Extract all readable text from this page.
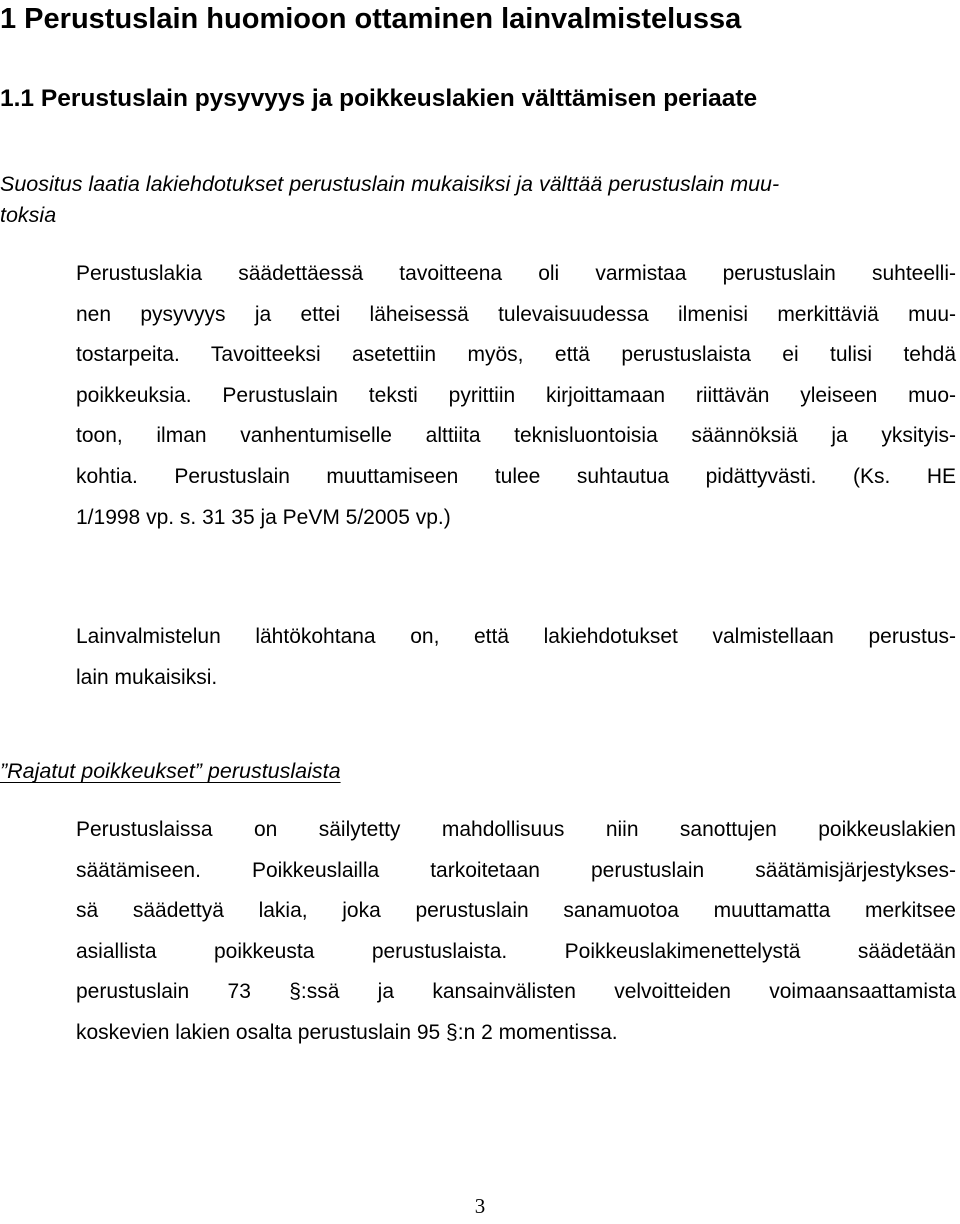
1 Perustuslain huomioon ottaminen lainvalmistelussa
1.1 Perustuslain pysyvyys ja poikkeuslakien välttämisen periaate
Suositus laatia lakiehdotukset perustuslain mukaisiksi ja välttää perustuslain muu-
toksia
Perustuslakia säädettäessä tavoitteena oli varmistaa perustuslain suhteelli-
nen pysyvyys ja ettei läheisessä tulevaisuudessa ilmenisi merkittäviä muu-
tostarpeita. Tavoitteeksi asetettiin myös, että perustuslaista ei tulisi tehdä
poikkeuksia. Perustuslain teksti pyrittiin kirjoittamaan riittävän yleiseen muo-
toon, ilman vanhentumiselle alttiita teknisluontoisia säännöksiä ja yksityis-
kohtia. Perustuslain muuttamiseen tulee suhtautua pidättyvästi. (Ks. HE
1/1998 vp. s. 31 35 ja PeVM 5/2005 vp.)
Lainvalmistelun lähtökohtana on, että lakiehdotukset valmistellaan perustus-
lain mukaisiksi.
”Rajatut poikkeukset” perustuslaista
Perustuslaissa on säilytetty mahdollisuus niin sanottujen poikkeuslakien
säätämiseen. Poikkeuslailla tarkoitetaan perustuslain säätämisjärjestykses-
sä säädettyä lakia, joka perustuslain sanamuotoa muuttamatta merkitsee
asiallista poikkeusta perustuslaista. Poikkeuslakimenettelystä säädetään
perustuslain 73 §:ssä ja kansainvälisten velvoitteiden voimaansaattamista
koskevien lakien osalta perustuslain 95 §:n 2 momentissa.
3
